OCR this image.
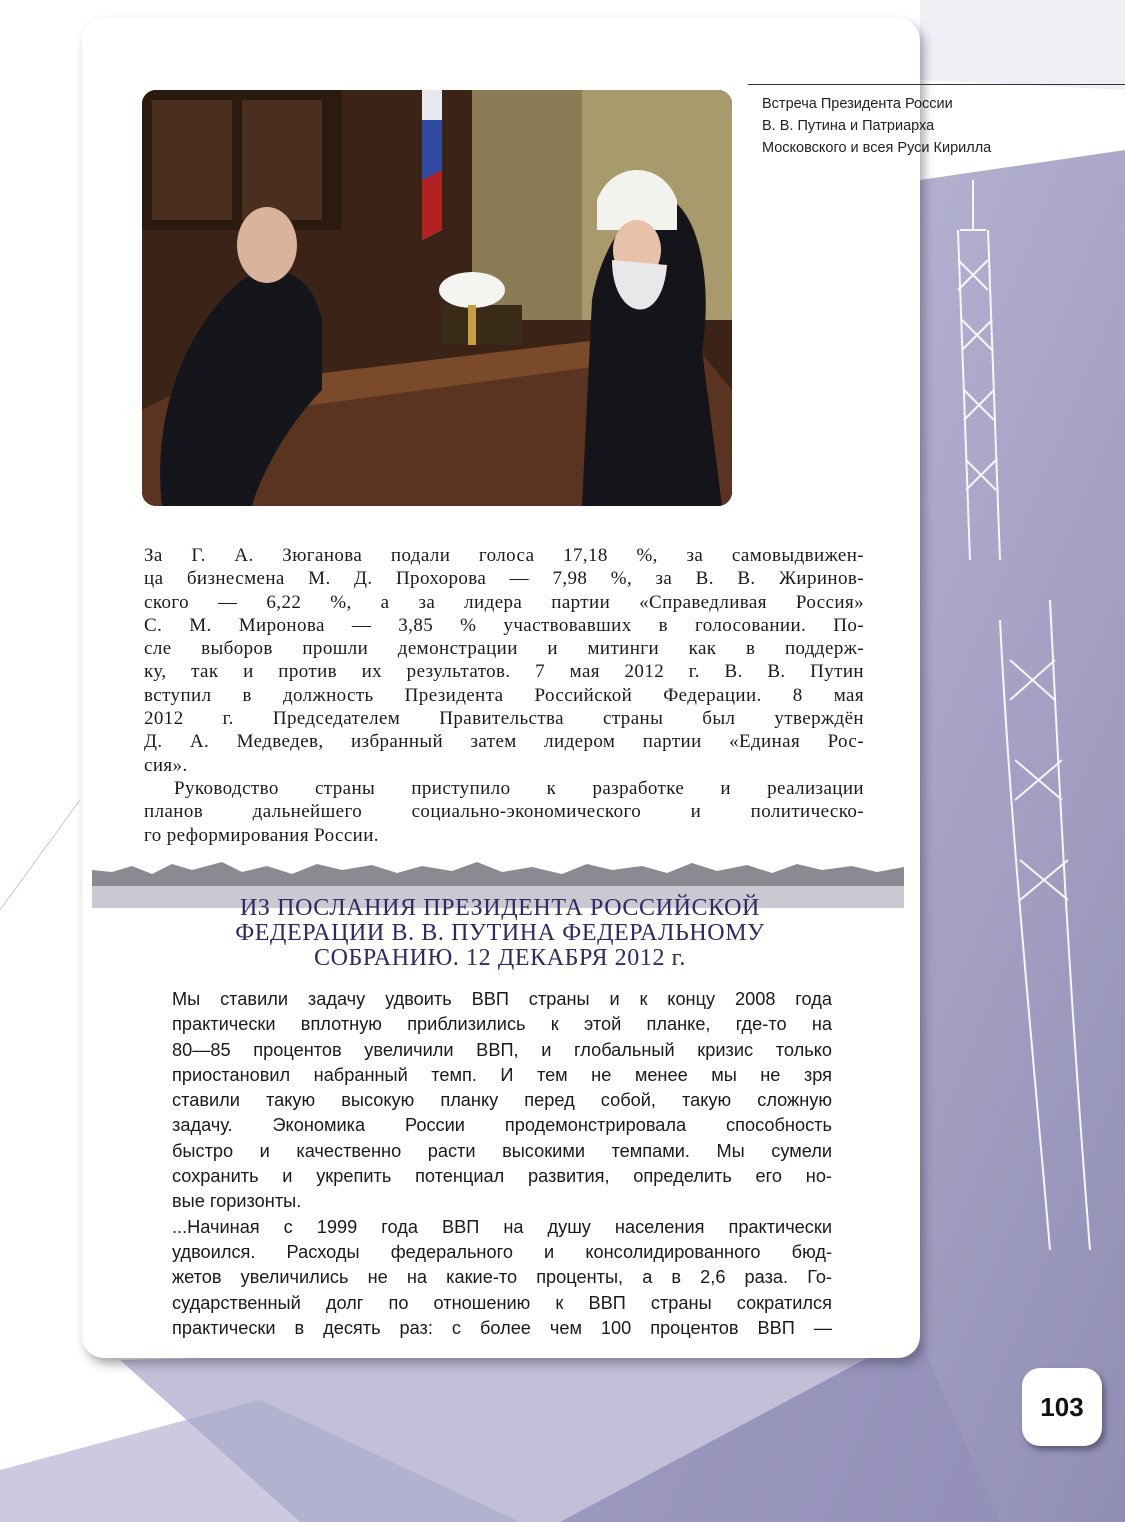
Встреча Президента России
В. В. Путина и Патриарха
Московского и всея Руси Кирилла
За Г. А. Зюганова подали голоса 17,18 %, за самовыдвижен-
ца бизнесмена М. Д. Прохорова — 7,98 %, за В. В. Жиринов-
ского — 6,22 %, а за лидера партии «Справедливая Россия»
С. М. Миронова — 3,85 % участвовавших в голосовании. По-
сле выборов прошли демонстрации и митинги как в поддерж-
ку, так и против их результатов. 7 мая 2012 г. В. В. Путин
вступил в должность Президента Российской Федерации. 8 мая
2012 г. Председателем Правительства страны был утверждён
Д. А. Медведев, избранный затем лидером партии «Единая Рос-
сия».
Руководство страны приступило к разработке и реализации
планов дальнейшего социально-экономического и политическо-
го реформирования России.
ИЗ ПОСЛАНИЯ ПРЕЗИДЕНТА РОССИЙСКОЙ
ФЕДЕРАЦИИ В. В. ПУТИНА ФЕДЕРАЛЬНОМУ
СОБРАНИЮ. 12 ДЕКАБРЯ 2012 г.
Мы ставили задачу удвоить ВВП страны и к концу 2008 года
практически вплотную приблизились к этой планке, где-то на
80—85 процентов увеличили ВВП, и глобальный кризис только
приостановил набранный темп. И тем не менее мы не зря
ставили такую высокую планку перед собой, такую сложную
задачу. Экономика России продемонстрировала способность
быстро и качественно расти высокими темпами. Мы сумели
сохранить и укрепить потенциал развития, определить его но-
вые горизонты.
...Начиная с 1999 года ВВП на душу населения практически
удвоился. Расходы федерального и консолидированного бюд-
жетов увеличились не на какие-то проценты, а в 2,6 раза. Го-
сударственный долг по отношению к ВВП страны сократился
практически в десять раз: с более чем 100 процентов ВВП —
103
